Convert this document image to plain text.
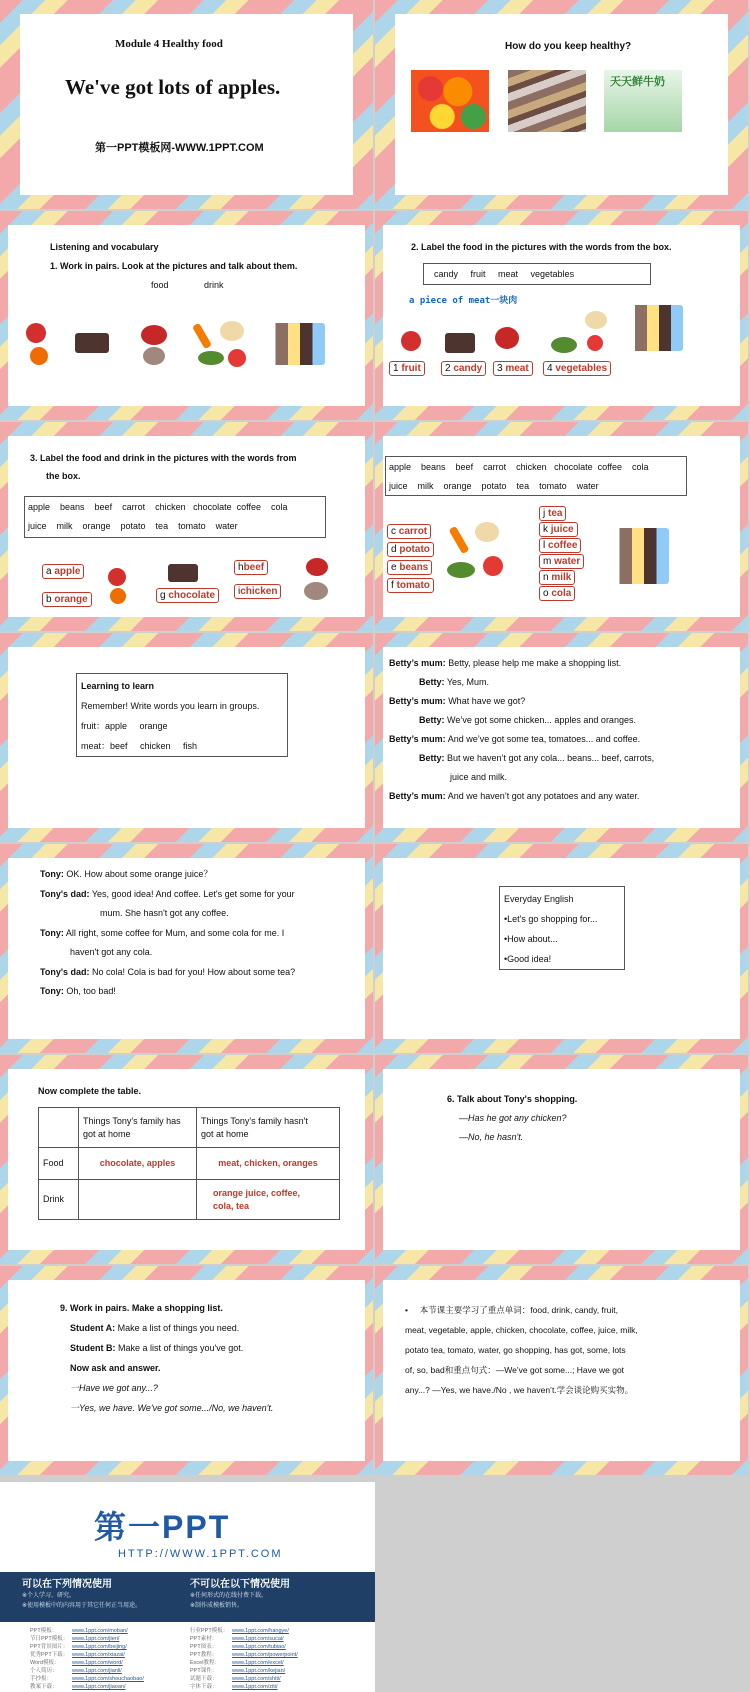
Module 4 Healthy food
We've got lots of apples.
第一PPT模板网-WWW.1PPT.COM
How do you keep healthy?
天天鲜牛奶
Listening and vocabulary
1. Work in pairs. Look at the pictures and talk about them.
food	drink
2. Label the food in the pictures with the words from the box.
candy     fruit     meat     vegetables
a piece of meat一块肉
1 fruit	2 candy	3 meat	4 vegetables
3. Label the food and drink in the pictures with the words from
the box.
apple    beans    beef    carrot    chicken   chocolate  coffee    cola
juice    milk    orange    potato    tea    tomato    water
a apple
b orange	g chocolate
hbeef
ichicken
apple    beans    beef    carrot    chicken   chocolate  coffee    cola
juice    milk    orange    potato    tea    tomato    water
c carrot
d potato
e beans
f tomato
j tea
k juice
l coffee
m water
n milk
o cola
Learning to learn
Remember! Write words you learn in groups.
fruit：apple     orange
meat：beef     chicken     fish
Betty’s mum: Betty, please help me make a shopping list.
Betty: Yes, Mum.
Betty’s mum: What have we got?
Betty: We’ve got some chicken... apples and oranges.
Betty’s mum: And we’ve got some tea, tomatoes... and coffee.
Betty: But we haven’t got any cola... beans... beef, carrots,
juice and milk.
Betty’s mum: And we haven’t got any potatoes and any water.
Tony: OK. How about some orange juice？
Tony's dad: Yes, good idea! And coffee. Let's get some for your
mum. She hasn't got any coffee.
Tony: All right, some coffee for Mum, and some cola for me. I
haven't got any cola.
Tony's dad: No cola! Cola is bad for you! How about some tea?
Tony: Oh, too bad!
Everyday English
•Let's go shopping for...
•How about...
•Good idea!
Now complete the table.
	Things Tony's family has
got at home	Things Tony's family hasn't
got at home
Food	chocolate, apples	meat, chicken, oranges
Drink		orange juice, coffee,
cola, tea
6. Talk about Tony's shopping.
—Has he got any chicken?
—No, he hasn't.
9. Work in pairs. Make a shopping list.
Student A: Make a list of things you need.
Student B: Make a list of things you've got.
Now ask and answer.
一Have we got any...?
一Yes, we have. We've got some.../No, we haven't.
•     本节课主要学习了重点单词：food, drink, candy, fruit,
meat, vegetable, apple, chicken, chocolate, coffee, juice, milk,
potato tea, tomato, water, go shopping, has got, some, lots
of, so, bad和重点句式：—We’ve got some...; Have we got
any...? —Yes, we have./No , we haven’t.学会谈论购买实物。
第一PPT
HTTP://WWW.1PPT.COM
可以在下列情况使用
※个人学习、研究。
※使用模板中的内容用于其它任何正当用途。
不可以在以下情况使用
※任何形式的在线付费下载。
※制作成模板销售。
PPT模板：	www.1ppt.com/moban/
节日PPT模板： www.1ppt.com/jieri/
PPT背景图片： www.1ppt.com/beijing/
优秀PPT下载： www.1ppt.com/xiazai/
Word模板： www.1ppt.com/word/
个人简历：	www.1ppt.com/jianli/
手抄报：	www.1ppt.com/shouchaobao/
教案下载：	www.1ppt.com/jiaoan/
行业PPT模板： www.1ppt.com/hangye/
PPT素材：	www.1ppt.com/sucai/
PPT图表：	www.1ppt.com/tubiao/
PPT教程：	www.1ppt.com/powerpoint/
Excel教程： www.1ppt.com/excel/
PPT课件：	www.1ppt.com/kejian/
试题下载：	www.1ppt.com/shiti/
字体下载：	www.1ppt.com/ziti/
